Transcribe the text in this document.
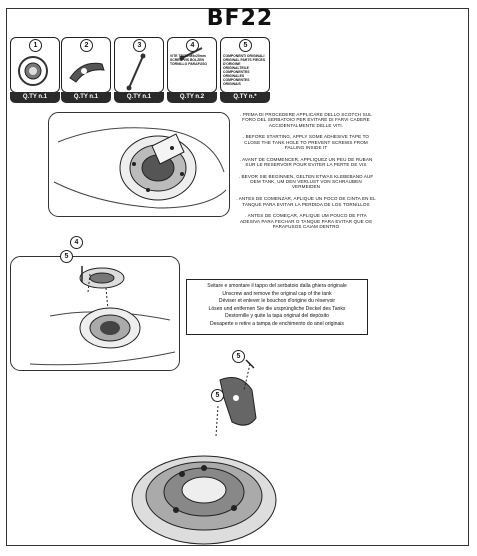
BF22
1
Q.TY n.1
2
Q.TY n.1
3
Q.TY n.1
4
VITE TSCEI M5x25mm SCREW VIS BOLZEN TORNILLO PARAFUSO
Q.TY n.2
5
COMPONENTI ORIGINALI ORIGINAL PARTS PIECES D'ORIGINE ORIGINALTEILE COMPONENTES ORIGINALES COMPONENTES ORIGINAIS
Q.TY n.*

. PRIMA DI PROCEDERE APPLICARE DELLO SCOTCH SUL FORO DEL SERBATOIO PER EVITARE DI FARVI CADERE ACCIDENTALMENTE DELLE VITI.

. BEFORE STARTING, APPLY SOME ADHESIVE TAPE TO CLOSE THE TANK HOLE TO PREVENT SCREWS FROM FALLING INSIDE IT

. AVANT DE COMMENCER, APPLIQUEZ UN PEU DE RUBAN SUR LE RESERVOIR POUR EVITER LA PERTE DE VIS

. BEVOR SIE BEGINNEN, GELTEN ETWAS KLEBEBAND AUF DEM TANK, UM DEN VERLUST VON SCHRAUBEN VERMEIDEN

. ANTES DE COMENZAR, APLIQUE UN POCO DE CINTA EN EL TANQUE PARA EVITAR LA PERDIDA DE LOS TORNILLOS

. ANTES DE COMEÇAR, APLIQUE UM POUCO DE FITA ADESIVA PARA FECHAR O TANQUE PARA EVITAR QUE OS PARAFUSOS CAIAM DENTRO

4
5

Svitare e smontare il tappo del serbatoio dalla ghiera originale

Unscrew and remove the original cap of the tank

Déviser et enlever le bouchon d'origine du réservoir

Lösen und entfernen Sie die ursprüngliche Deckel des Tanks

Destornille y quite la tapa original del depósito

Desaperte e retire a tampa de enchimento do anel originais

5
5
